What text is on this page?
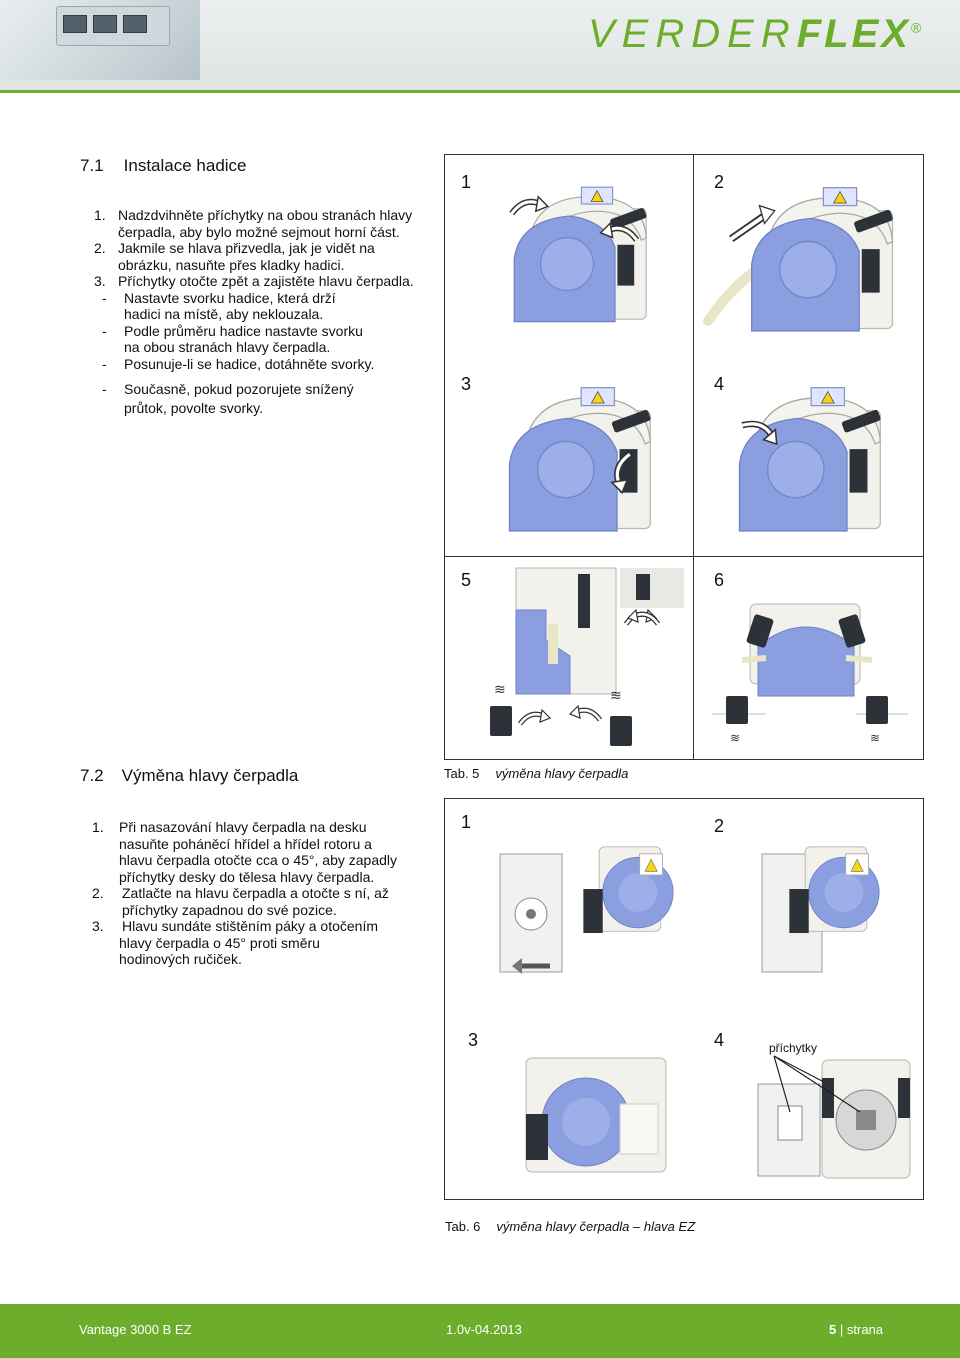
VERDERFLEX®
7.1 Instalace hadice
1. Nadzdvihněte příchytky na obou stranách hlavy
čerpadla, aby bylo možné sejmout horní část.
2. Jakmile se hlava přizvedla, jak je vidět na
obrázku, nasuňte přes kladky hadici.
3. Příchytky otočte zpět a zajistěte hlavu čerpadla.
-	Nastavte svorku hadice, která drží
hadici na místě, aby neklouzala.
-	Podle průměru hadice nastavte svorku
na obou stranách hlavy čerpadla.
-	Posunuje-li se hadice, dotáhněte svorky.
-	Současně, pokud pozorujete snížený
průtok, povolte svorky.
1	2
3	4
5	6
≋	≋
≋	≋
Tab. 5 výměna hlavy čerpadla
7.2 Výměna hlavy čerpadla
1.	Při nasazování hlavy čerpadla na desku
nasuňte poháněcí hřídel a hřídel rotoru a
hlavu čerpadla otočte cca o 45°, aby zapadly
příchytky desky do tělesa hlavy čerpadla.
2.	Zatlačte na hlavu čerpadla a otočte s ní, až
příchytky zapadnou do své pozice.
3.	Hlavu sundáte stištěním páky a otočením
hlavy čerpadla o 45° proti směru
hodinových ručiček.
1	2
3	4	příchytky
Tab. 6 výměna hlavy čerpadla – hlava EZ
Vantage 3000 B EZ	1.0v-04.2013	5 | strana
